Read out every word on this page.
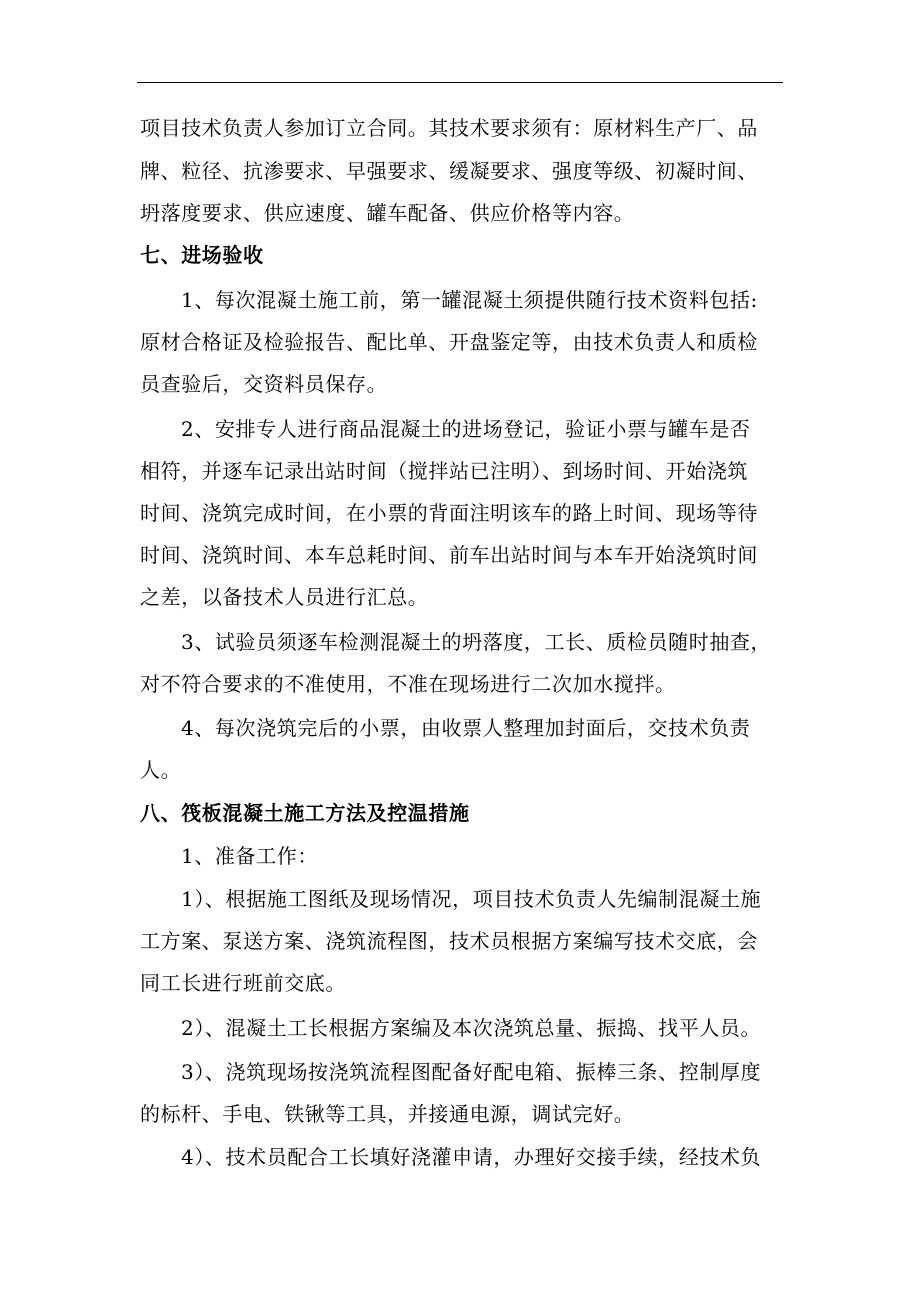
项目技术负责人参加订立合同。其技术要求须有：原材料生产厂、品
牌、粒径、抗渗要求、早强要求、缓凝要求、强度等级、初凝时间、
坍落度要求、供应速度、罐车配备、供应价格等内容。
七、进场验收
1、每次混凝土施工前，第一罐混凝土须提供随行技术资料包括:
原材合格证及检验报告、配比单、开盘鉴定等，由技术负责人和质检
员查验后，交资料员保存。
2、安排专人进行商品混凝土的进场登记，验证小票与罐车是否
相符，并逐车记录出站时间（搅拌站已注明）、到场时间、开始浇筑
时间、浇筑完成时间，在小票的背面注明该车的路上时间、现场等待
时间、浇筑时间、本车总耗时间、前车出站时间与本车开始浇筑时间
之差，以备技术人员进行汇总。
3、试验员须逐车检测混凝土的坍落度，工长、质检员随时抽查，
对不符合要求的不准使用，不准在现场进行二次加水搅拌。
4、每次浇筑完后的小票，由收票人整理加封面后，交技术负责
人。
八、筏板混凝土施工方法及控温措施
1、准备工作：
1）、根据施工图纸及现场情况，项目技术负责人先编制混凝土施
工方案、泵送方案、浇筑流程图，技术员根据方案编写技术交底，会
同工长进行班前交底。
2）、混凝土工长根据方案编及本次浇筑总量、振捣、找平人员。
3）、浇筑现场按浇筑流程图配备好配电箱、振棒三条、控制厚度
的标杆、手电、铁锹等工具，并接通电源，调试完好。
4）、技术员配合工长填好浇灌申请，办理好交接手续，经技术负
